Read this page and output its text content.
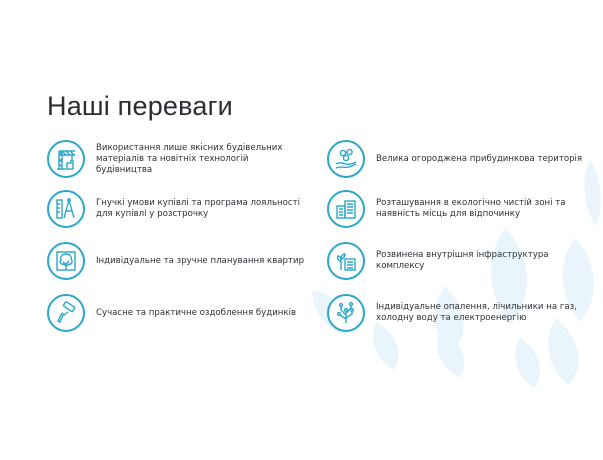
Наші переваги
Використання лише якісних будівельних
матеріалів та новітніх технологій будівництва
Гнучкі умови купівлі та програма лояльності
для купівлі у розстрочку
Індивідуальне та зручне планування квартир
Сучасне та практичне оздоблення будинків
Велика огороджена прибудинкова територія
Розташування в екологічно чистій зоні та
наявність місць для відпочинку
Розвинена внутрішня інфраструктура
комплексу
Індивідуальне опалення, лічильники на газ,
холодну воду та електроенергію
